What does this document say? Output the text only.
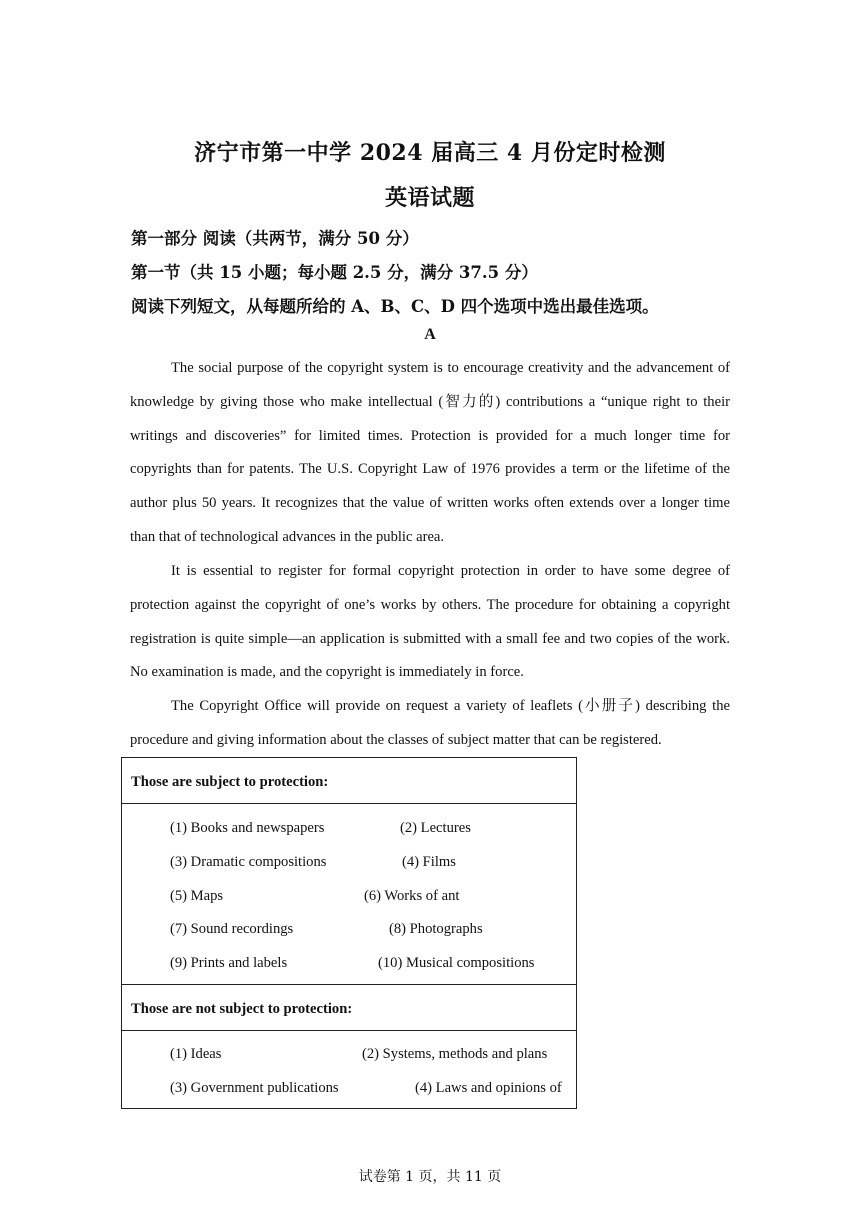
济宁市第一中学 2024 届高三 4 月份定时检测
英语试题
第一部分 阅读（共两节，满分 50 分）
第一节（共 15 小题；每小题 2.5 分，满分 37.5 分）
阅读下列短文，从每题所给的 A、B、C、D 四个选项中选出最佳选项。
A

The social purpose of the copyright system is to encourage creativity and the advancement of knowledge by giving those who make intellectual (智力的) contributions a “unique right to their writings and discoveries” for limited times. Protection is provided for a much longer time for copyrights than for patents. The U.S. Copyright Law of 1976 provides a term or the lifetime of the author plus 50 years. It recognizes that the value of written works often extends over a longer time than that of technological advances in the public area.

It is essential to register for formal copyright protection in order to have some degree of protection against the copyright of one’s works by others. The procedure for obtaining a copyright registration is quite simple—an application is submitted with a small fee and two copies of the work. No examination is made, and the copyright is immediately in force.

The Copyright Office will provide on request a variety of leaflets (小册子) describing the procedure and giving information about the classes of subject matter that can be registered.

Those are subject to protection:
(1) Books and newspapers	(2) Lectures
(3) Dramatic compositions	(4) Films
(5) Maps	(6) Works of ant
(7) Sound recordings	(8) Photographs
(9) Prints and labels	(10) Musical compositions
Those are not subject to protection:
(1) Ideas	(2) Systems, methods and plans
(3) Government publications	(4) Laws and opinions of
试卷第 1 页，共 11 页
